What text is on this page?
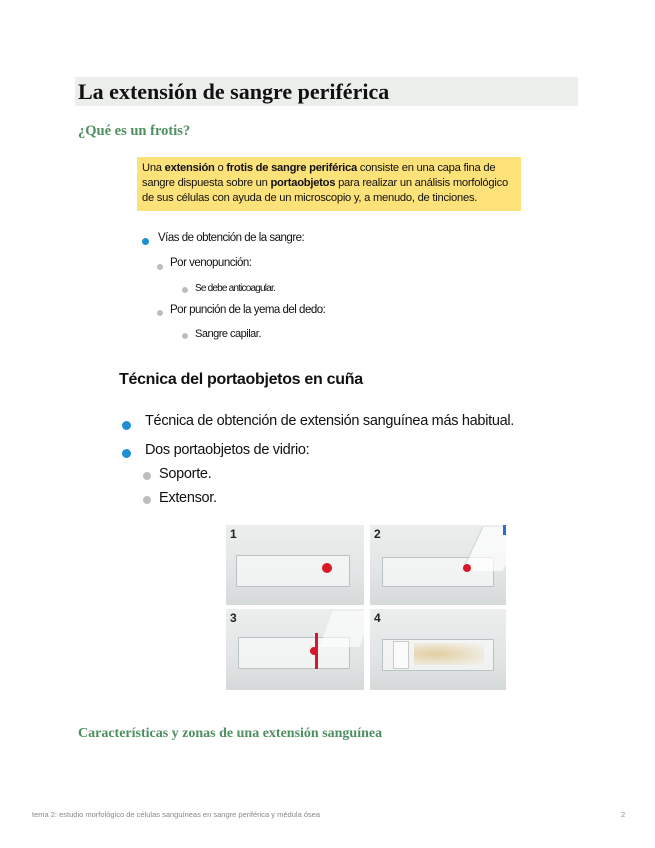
La extensión de sangre periférica
¿Qué es un frotis?
Una extensión o frotis de sangre periférica consiste en una capa fina de sangre dispuesta sobre un portaobjetos para realizar un análisis morfológico de sus células con ayuda de un microscopio y, a menudo, de tinciones.
Vías de obtención de la sangre:
Por venopunción:
Se debe anticoagular.
Por punción de la yema del dedo:
Sangre capilar.
Técnica del portaobjetos en cuña
Técnica de obtención de extensión sanguínea más habitual.
Dos portaobjetos de vidrio:
Soporte.
Extensor.
1	2
3	4
Características y zonas de una extensión sanguínea
tema 2: estudio morfológico de células sanguíneas en sangre periférica y médula ósea	2
